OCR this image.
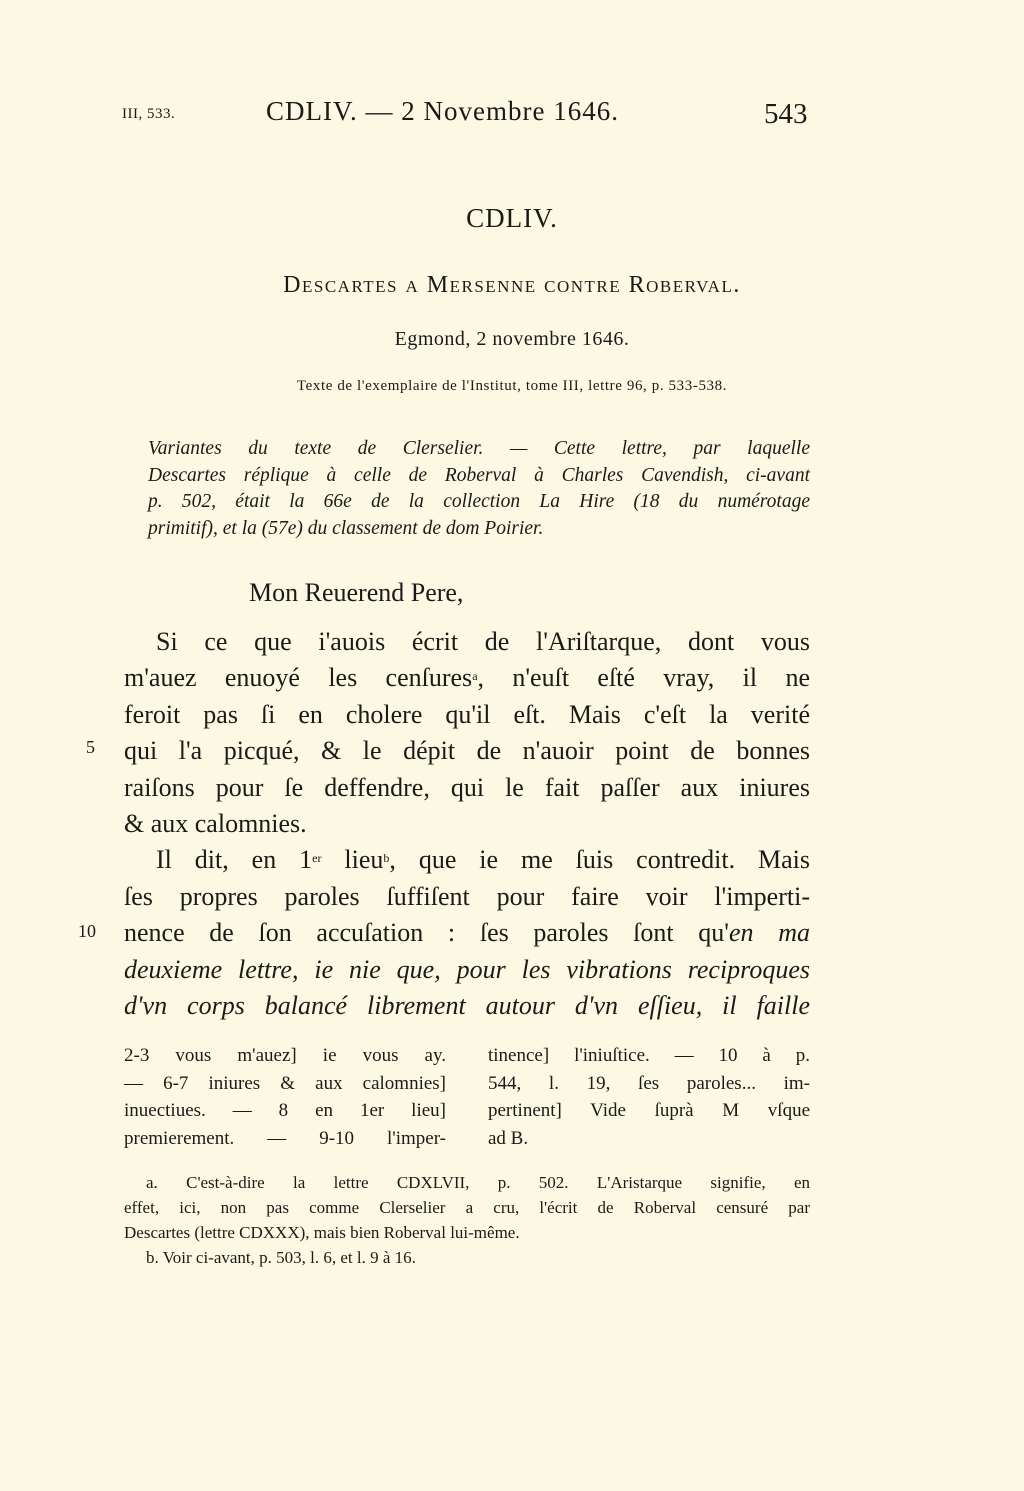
III, 533.	CDLIV. — 2 Novembre 1646.	543
CDLIV.
Descartes a Mersenne contre Roberval.
Egmond, 2 novembre 1646.
Texte de l'exemplaire de l'Institut, tome III, lettre 96, p. 533-538.
Variantes du texte de Clerselier. — Cette lettre, par laquelle
Descartes réplique à celle de Roberval à Charles Cavendish, ci-avant
p. 502, était la 66e de la collection La Hire (18 du numérotage
primitif), et la (57e) du classement de dom Poirier.
Mon Reuerend Pere,
Si ce que i'auois écrit de l'Ariſtarque, dont vous
m'auez enuoyé les cenſures$^a$, n'euſt eſté vray, il ne
feroit pas ſi en cholere qu'il eſt. Mais c'eſt la verité
qui l'a picqué, & le dépit de n'auoir point de bonnes
raiſons pour ſe deffendre, qui le fait paſſer aux iniures
& aux calomnies.
Il dit, en 1er lieu$^b$, que ie me ſuis contredit. Mais
ſes propres paroles ſuffiſent pour faire voir l'imperti-
nence de ſon accuſation : ſes paroles ſont qu'en ma
deuxieme lettre, ie nie que, pour les vibrations reciproques
d'vn corps balancé librement autour d'vn eſſieu, il faille
5
10
2-3 vous m'auez] ie vous ay.
— 6-7 iniures & aux calomnies]
inuectiues. — 8 en 1er lieu]
premierement. — 9-10 l'imper-
tinence] l'iniuſtice. — 10 à p.
544, l. 19, ſes paroles... im-
pertinent] Vide ſuprà M vſque
ad B.
a. C'est-à-dire la lettre CDXLVII, p. 502. L'Aristarque signifie, en
effet, ici, non pas comme Clerselier a cru, l'écrit de Roberval censuré par
Descartes (lettre CDXXX), mais bien Roberval lui-même.
b. Voir ci-avant, p. 503, l. 6, et l. 9 à 16.
